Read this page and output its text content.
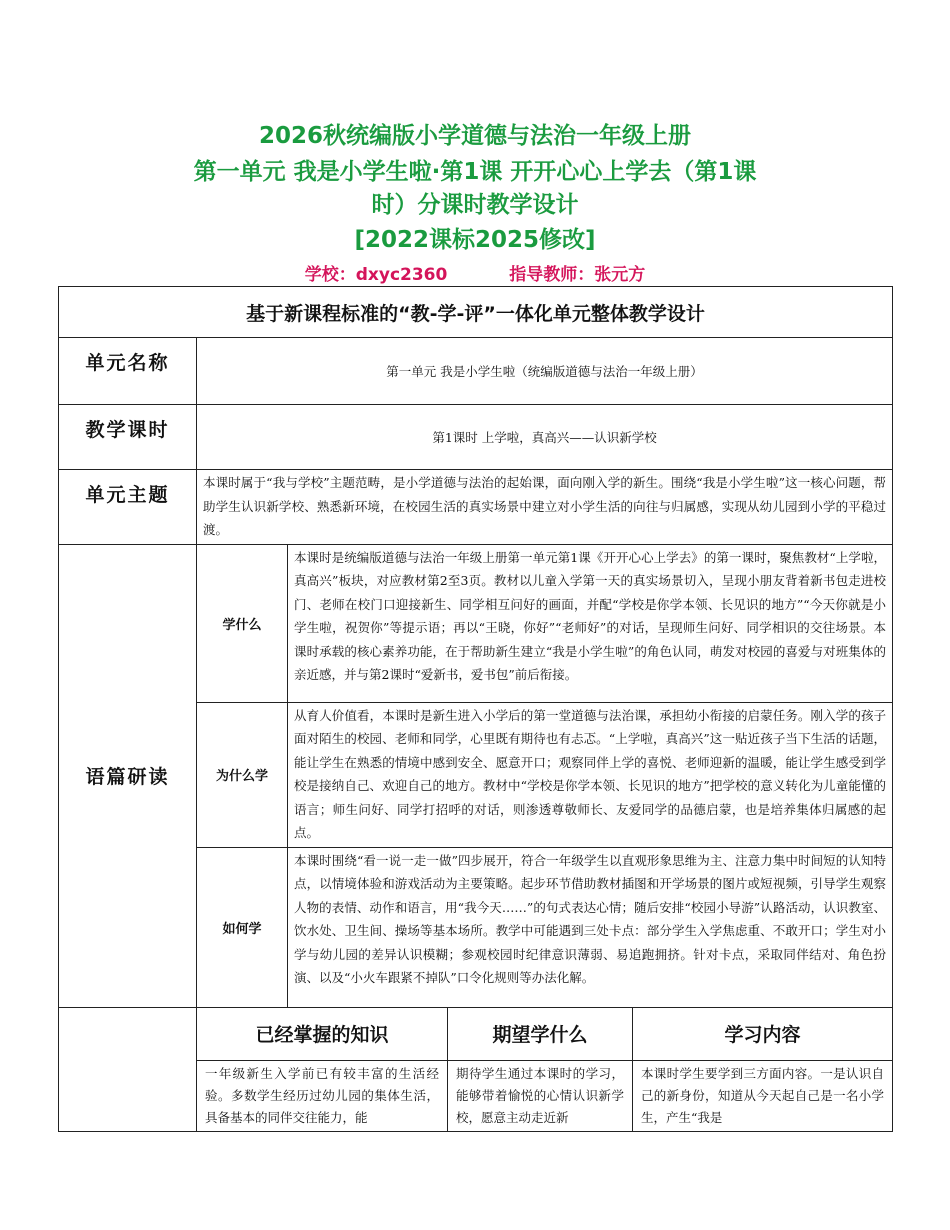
2026秋统编版小学道德与法治一年级上册
第一单元 我是小学生啦·第1课 开开心心上学去（第1课
时）分课时教学设计
[2022课标2025修改]
学校：dxyc2360	指导教师：张元方
基于新课程标准的“教-学-评”一体化单元整体教学设计				
单元名称	第一单元 我是小学生啦（统编版道德与法治一年级上册）			
教学课时	第1课时 上学啦，真高兴——认识新学校			
单元主题	本课时属于“我与学校”主题范畴，是小学道德与法治的起始课，面向刚入学的新生。围绕“我是小学生啦”这一核心问题，帮助学生认识新学校、熟悉新环境，在校园生活的真实场景中建立对小学生活的向往与归属感，实现从幼儿园到小学的平稳过渡。			
语篇研读	学什么	本课时是统编版道德与法治一年级上册第一单元第1课《开开心心上学去》的第一课时，聚焦教材“上学啦，真高兴”板块，对应教材第2至3页。教材以儿童入学第一天的真实场景切入，呈现小朋友背着新书包走进校门、老师在校门口迎接新生、同学相互问好的画面，并配“学校是你学本领、长见识的地方”“今天你就是小学生啦，祝贺你”等提示语；再以“王晓，你好”“老师好”的对话，呈现师生问好、同学相识的交往场景。本课时承载的核心素养功能，在于帮助新生建立“我是小学生啦”的角色认同，萌发对校园的喜爱与对班集体的亲近感，并与第2课时“爱新书，爱书包”前后衔接。		
	为什么学	从育人价值看，本课时是新生进入小学后的第一堂道德与法治课，承担幼小衔接的启蒙任务。刚入学的孩子面对陌生的校园、老师和同学，心里既有期待也有忐忑。“上学啦，真高兴”这一贴近孩子当下生活的话题，能让学生在熟悉的情境中感到安全、愿意开口；观察同伴上学的喜悦、老师迎新的温暖，能让学生感受到学校是接纳自己、欢迎自己的地方。教材中“学校是你学本领、长见识的地方”把学校的意义转化为儿童能懂的语言；师生问好、同学打招呼的对话，则渗透尊敬师长、友爱同学的品德启蒙，也是培养集体归属感的起点。		
	如何学	本课时围绕“看一说一走一做”四步展开，符合一年级学生以直观形象思维为主、注意力集中时间短的认知特点，以情境体验和游戏活动为主要策略。起步环节借助教材插图和开学场景的图片或短视频，引导学生观察人物的表情、动作和语言，用“我今天……”的句式表达心情；随后安排“校园小导游”认路活动，认识教室、饮水处、卫生间、操场等基本场所。教学中可能遇到三处卡点：部分学生入学焦虑重、不敢开口；学生对小学与幼儿园的差异认识模糊；参观校园时纪律意识薄弱、易追跑拥挤。针对卡点，采取同伴结对、角色扮演、以及“小火车跟紧不掉队”口令化规则等办法化解。		
	已经掌握的知识		期望学什么	学习内容
	一年级新生入学前已有较丰富的生活经验。多数学生经历过幼儿园的集体生活，具备基本的同伴交往能力，能		期待学生通过本课时的学习，能够带着愉悦的心情认识新学校，愿意主动走近新	本课时学生要学到三方面内容。一是认识自己的新身份，知道从今天起自己是一名小学生，产生“我是
